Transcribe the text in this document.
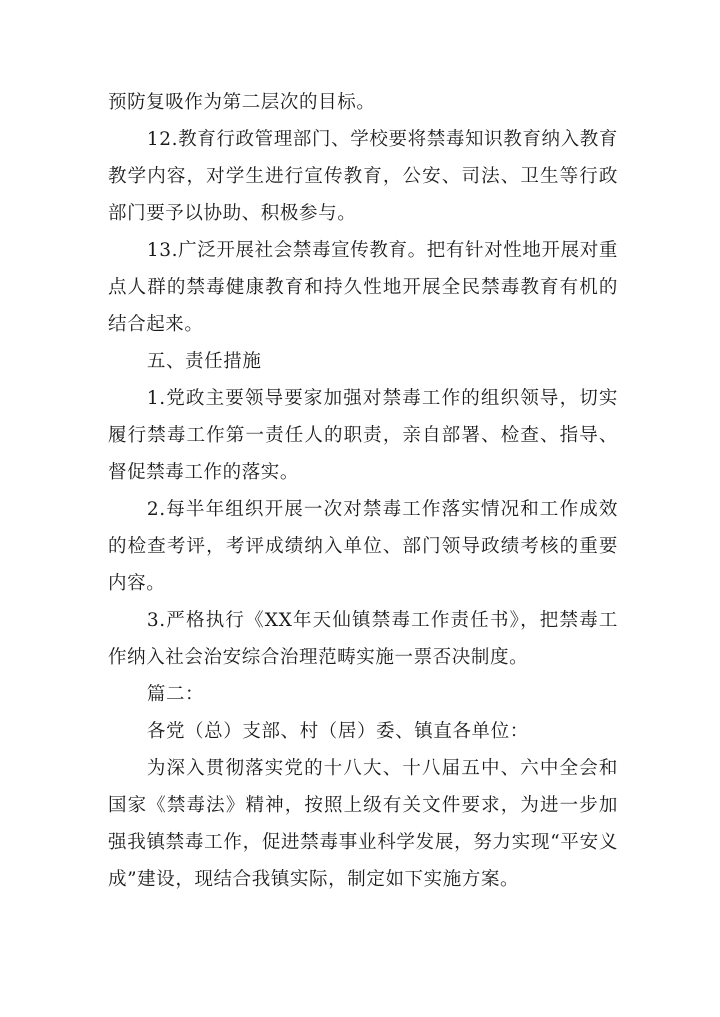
预防复吸作为第二层次的目标。

12.教育行政管理部门、学校要将禁毒知识教育纳入教育教学内容，对学生进行宣传教育，公安、司法、卫生等行政部门要予以协助、积极参与。

13.广泛开展社会禁毒宣传教育。把有针对性地开展对重点人群的禁毒健康教育和持久性地开展全民禁毒教育有机的结合起来。

五、责任措施

1.党政主要领导要家加强对禁毒工作的组织领导，切实履行禁毒工作第一责任人的职责，亲自部署、检查、指导、督促禁毒工作的落实。

2.每半年组织开展一次对禁毒工作落实情况和工作成效的检查考评，考评成绩纳入单位、部门领导政绩考核的重要内容。

3.严格执行《XX年天仙镇禁毒工作责任书》，把禁毒工作纳入社会治安综合治理范畴实施一票否决制度。

篇二：

各党（总）支部、村（居）委、镇直各单位：

为深入贯彻落实党的十八大、十八届五中、六中全会和国家《禁毒法》精神，按照上级有关文件要求，为进一步加强我镇禁毒工作，促进禁毒事业科学发展，努力实现“平安义成”建设，现结合我镇实际，制定如下实施方案。
